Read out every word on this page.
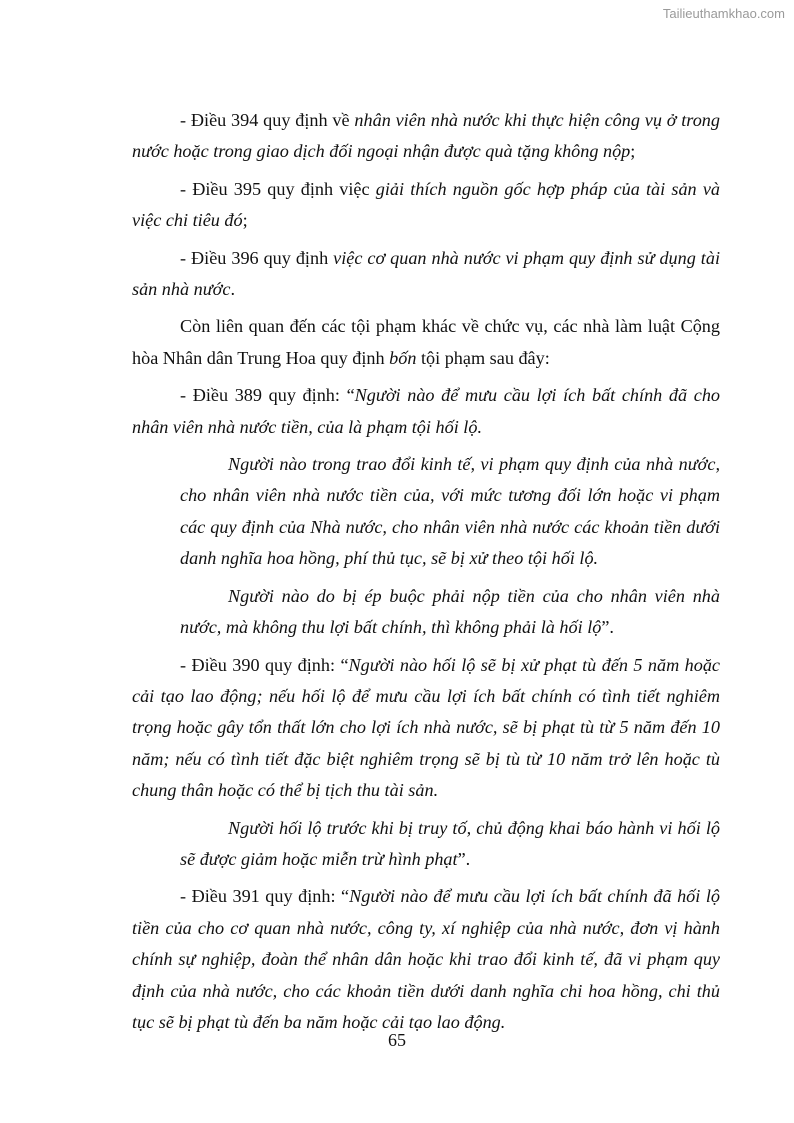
Tailieuthamkhao.com

- Điều 394 quy định về nhân viên nhà nước khi thực hiện công vụ ở trong nước hoặc trong giao dịch đối ngoại nhận được quà tặng không nộp;

- Điều 395 quy định việc giải thích nguồn gốc hợp pháp của tài sản và việc chi tiêu đó;

- Điều 396 quy định việc cơ quan nhà nước vi phạm quy định sử dụng tài sản nhà nước.

Còn liên quan đến các tội phạm khác về chức vụ, các nhà làm luật Cộng hòa Nhân dân Trung Hoa quy định bốn tội phạm sau đây:

- Điều 389 quy định: “Người nào để mưu cầu lợi ích bất chính đã cho nhân viên nhà nước tiền, của là phạm tội hối lộ.

Người nào trong trao đổi kinh tế, vi phạm quy định của nhà nước, cho nhân viên nhà nước tiền của, với mức tương đối lớn hoặc vi phạm các quy định của Nhà nước, cho nhân viên nhà nước các khoản tiền dưới danh nghĩa hoa hồng, phí thủ tục, sẽ bị xử theo tội hối lộ.

Người nào do bị ép buộc phải nộp tiền của cho nhân viên nhà nước, mà không thu lợi bất chính, thì không phải là hối lộ”.

- Điều 390 quy định: “Người nào hối lộ sẽ bị xử phạt tù đến 5 năm hoặc cải tạo lao động; nếu hối lộ để mưu cầu lợi ích bất chính có tình tiết nghiêm trọng hoặc gây tổn thất lớn cho lợi ích nhà nước, sẽ bị phạt tù từ 5 năm đến 10 năm; nếu có tình tiết đặc biệt nghiêm trọng sẽ bị tù từ 10 năm trở lên hoặc tù chung thân hoặc có thể bị tịch thu tài sản.

Người hối lộ trước khi bị truy tố, chủ động khai báo hành vi hối lộ sẽ được giảm hoặc miễn trừ hình phạt”.

- Điều 391 quy định: “Người nào để mưu cầu lợi ích bất chính đã hối lộ tiền của cho cơ quan nhà nước, công ty, xí nghiệp của nhà nước, đơn vị hành chính sự nghiệp, đoàn thể nhân dân hoặc khi trao đổi kinh tế, đã vi phạm quy định của nhà nước, cho các khoản tiền dưới danh nghĩa chi hoa hồng, chi thủ tục sẽ bị phạt tù đến ba năm hoặc cải tạo lao động.

65
